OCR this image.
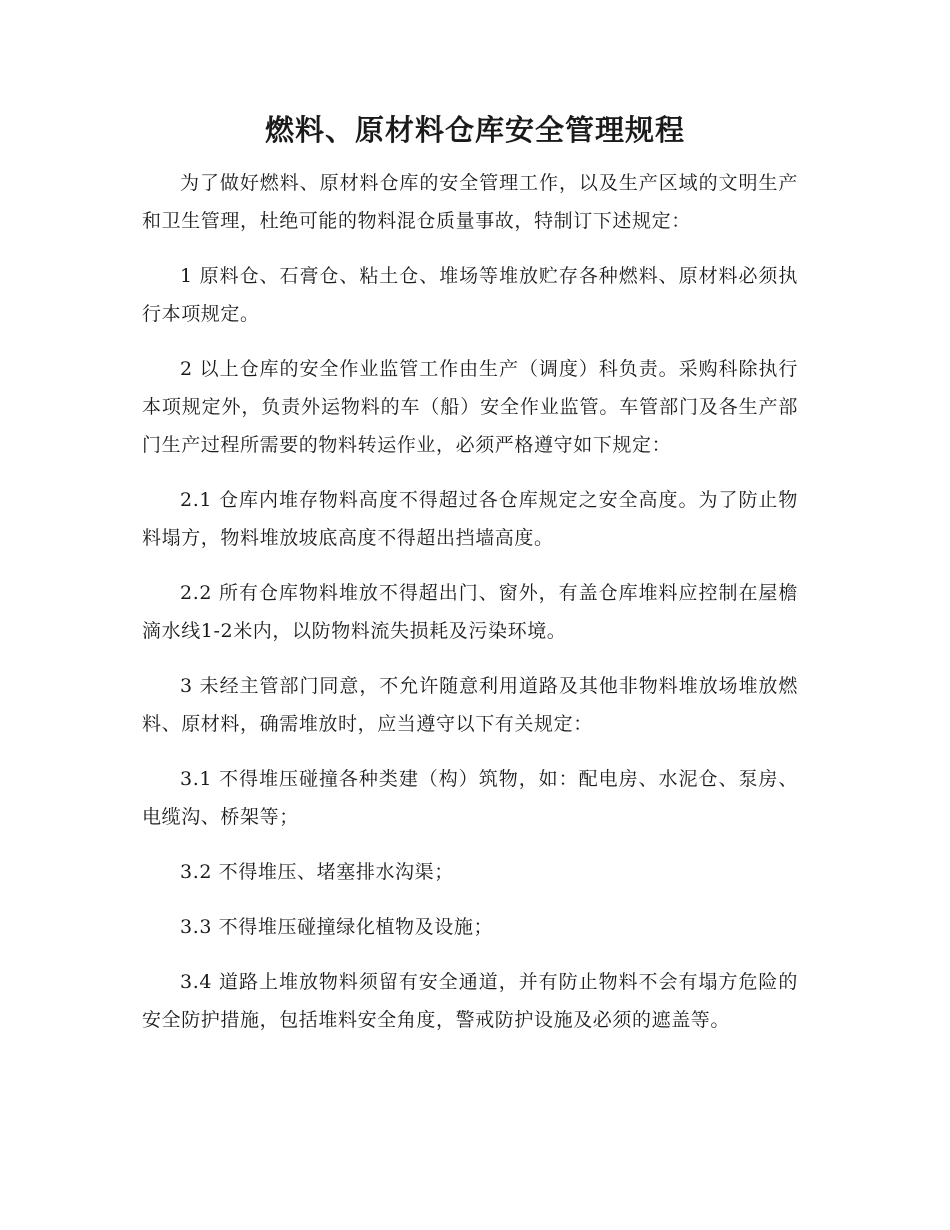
燃料、原材料仓库安全管理规程

为了做好燃料、原材料仓库的安全管理工作，以及生产区域的文明生产和卫生管理，杜绝可能的物料混仓质量事故，特制订下述规定：

1 原料仓、石膏仓、粘土仓、堆场等堆放贮存各种燃料、原材料必须执行本项规定。

2 以上仓库的安全作业监管工作由生产（调度）科负责。采购科除执行本项规定外，负责外运物料的车（船）安全作业监管。车管部门及各生产部门生产过程所需要的物料转运作业，必须严格遵守如下规定：

2.1 仓库内堆存物料高度不得超过各仓库规定之安全高度。为了防止物料塌方，物料堆放坡底高度不得超出挡墙高度。

2.2 所有仓库物料堆放不得超出门、窗外，有盖仓库堆料应控制在屋檐滴水线1-2米内，以防物料流失损耗及污染环境。

3 未经主管部门同意，不允许随意利用道路及其他非物料堆放场堆放燃料、原材料，确需堆放时，应当遵守以下有关规定：

3.1 不得堆压碰撞各种类建（构）筑物，如：配电房、水泥仓、泵房、电缆沟、桥架等；

3.2 不得堆压、堵塞排水沟渠；

3.3 不得堆压碰撞绿化植物及设施；

3.4 道路上堆放物料须留有安全通道，并有防止物料不会有塌方危险的安全防护措施，包括堆料安全角度，警戒防护设施及必须的遮盖等。
